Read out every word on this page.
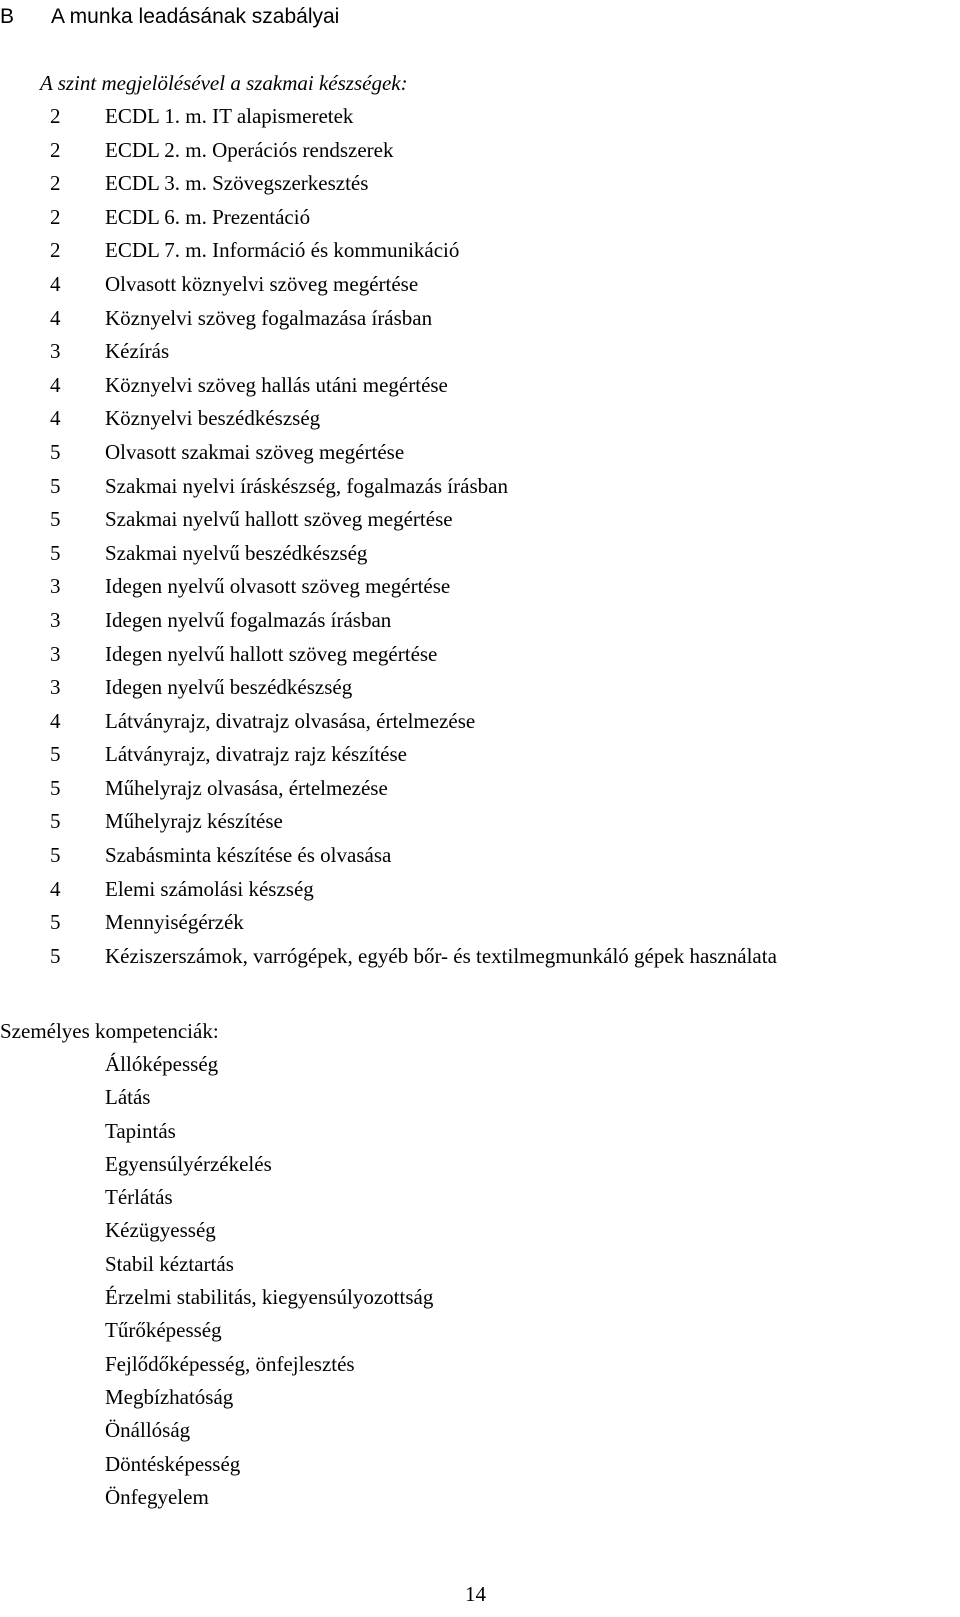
B A munka leadásának szabályai
A szint megjelölésével a szakmai készségek:
2 ECDL 1. m. IT alapismeretek
2 ECDL 2. m. Operációs rendszerek
2 ECDL 3. m. Szövegszerkesztés
2 ECDL 6. m. Prezentáció
2 ECDL 7. m. Információ és kommunikáció
4 Olvasott köznyelvi szöveg megértése
4 Köznyelvi szöveg fogalmazása írásban
3 Kézírás
4 Köznyelvi szöveg hallás utáni megértése
4 Köznyelvi beszédkészség
5 Olvasott szakmai szöveg megértése
5 Szakmai nyelvi íráskészség, fogalmazás írásban
5 Szakmai nyelvű hallott szöveg megértése
5 Szakmai nyelvű beszédkészség
3 Idegen nyelvű olvasott szöveg megértése
3 Idegen nyelvű fogalmazás írásban
3 Idegen nyelvű hallott szöveg megértése
3 Idegen nyelvű beszédkészség
4 Látványrajz, divatrajz olvasása, értelmezése
5 Látványrajz, divatrajz rajz készítése
5 Műhelyrajz olvasása, értelmezése
5 Műhelyrajz készítése
5 Szabásminta készítése és olvasása
4 Elemi számolási készség
5 Mennyiségérzék
5 Kéziszerszámok, varrógépek, egyéb bőr- és textilmegmunkáló gépek használata
Személyes kompetenciák:
Állóképesség
Látás
Tapintás
Egyensúlyérzékelés
Térlátás
Kézügyesség
Stabil kéztartás
Érzelmi stabilitás, kiegyensúlyozottság
Tűrőképesség
Fejlődőképesség, önfejlesztés
Megbízhatóság
Önállóság
Döntésképesség
Önfegyelem
14
